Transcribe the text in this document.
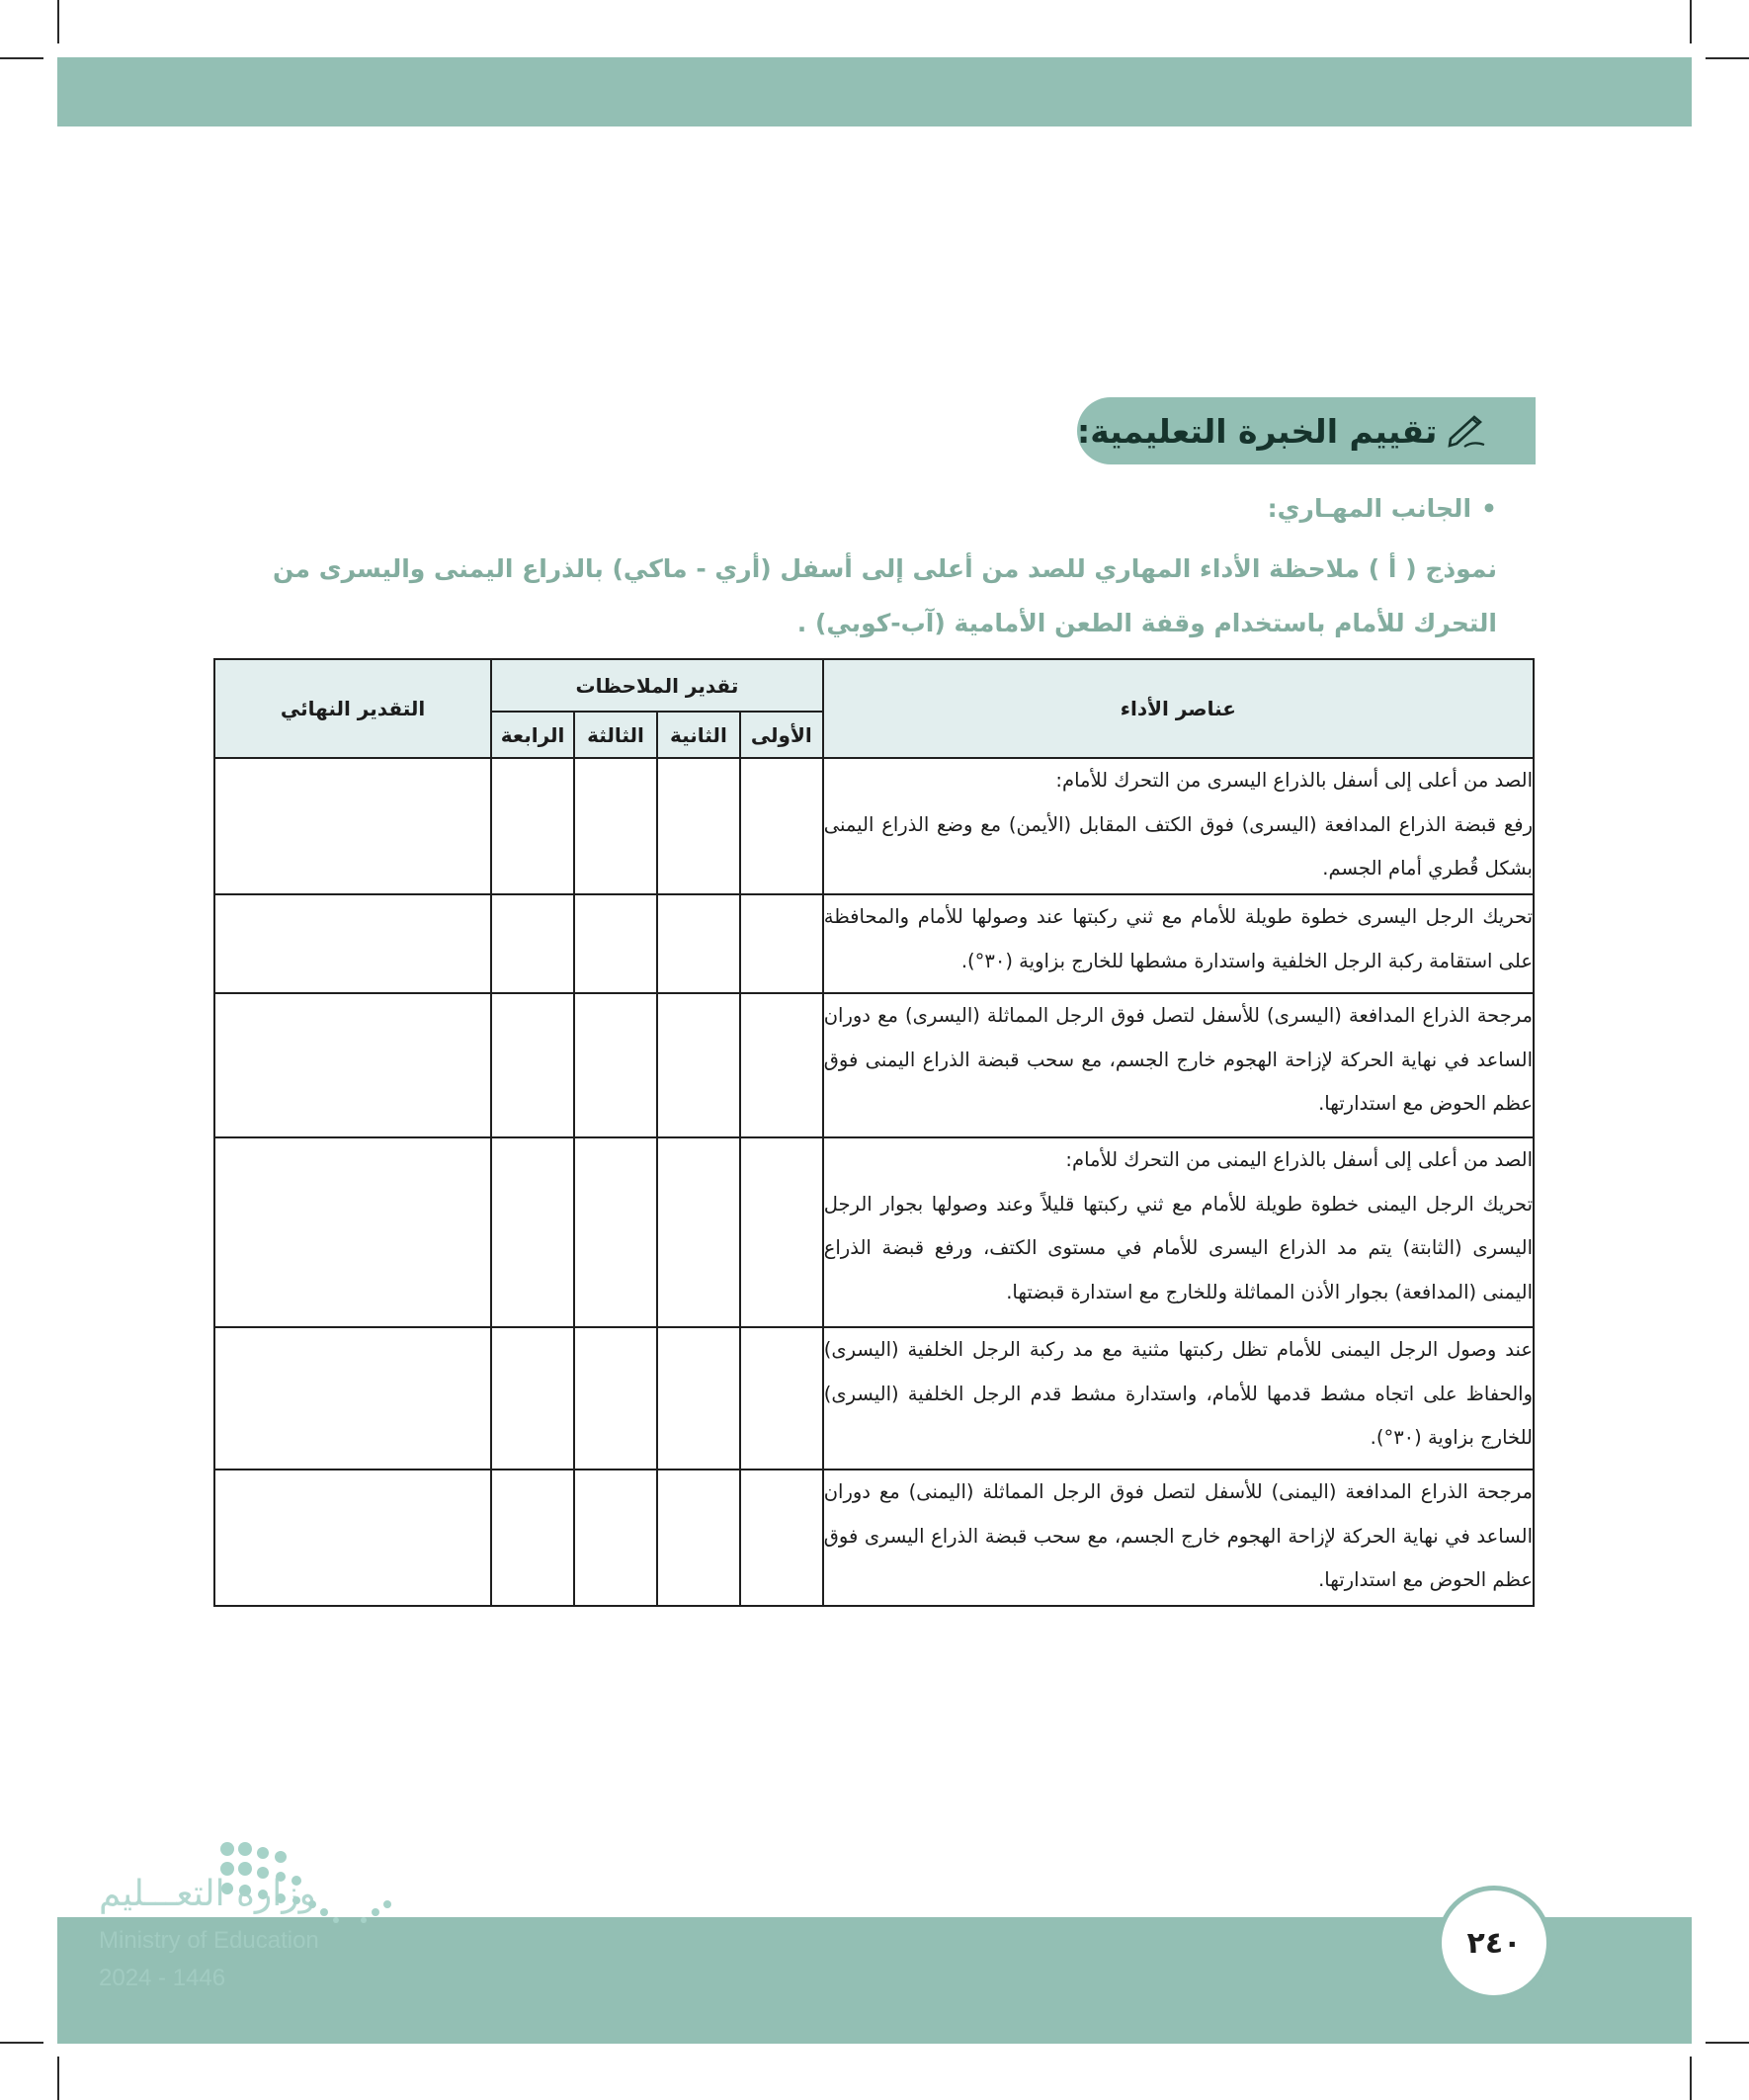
تقييم الخبرة التعليمية:
•الجانب المهـاري:
نموذج ( أ ) ملاحظة الأداء المهاري للصد من أعلى إلى أسفل (أري - ماكي) بالذراع اليمنى واليسرى من التحرك للأمام باستخدام وقفة الطعن الأمامية (آب-كوبي) .
عناصر الأداء	تقدير الملاحظات				التقدير النهائي
	الأولى	الثانية	الثالثة	الرابعة	

الصد من أعلى إلى أسفل بالذراع اليسرى من التحرك للأمام:
رفع قبضة الذراع المدافعة (اليسرى) فوق الكتف المقابل (الأيمن) مع وضع الذراع اليمنى بشكل قُطري أمام الجسم.					

تحريك الرجل اليسرى خطوة طويلة للأمام مع ثني ركبتها عند وصولها للأمام والمحافظة على استقامة ركبة الرجل الخلفية واستدارة مشطها للخارج بزاوية (٣٠°).					

مرجحة الذراع المدافعة (اليسرى) للأسفل لتصل فوق الرجل المماثلة (اليسرى) مع دوران الساعد في نهاية الحركة لإزاحة الهجوم خارج الجسم، مع سحب قبضة الذراع اليمنى فوق عظم الحوض مع استدارتها.					

الصد من أعلى إلى أسفل بالذراع اليمنى من التحرك للأمام:
تحريك الرجل اليمنى خطوة طويلة للأمام مع ثني ركبتها قليلاً وعند وصولها بجوار الرجل اليسرى (الثابتة) يتم مد الذراع اليسرى للأمام في مستوى الكتف، ورفع قبضة الذراع اليمنى (المدافعة) بجوار الأذن المماثلة وللخارج مع استدارة قبضتها.					

عند وصول الرجل اليمنى للأمام تظل ركبتها مثنية مع مد ركبة الرجل الخلفية (اليسرى) والحفاظ على اتجاه مشط قدمها للأمام، واستدارة مشط قدم الرجل الخلفية (اليسرى) للخارج بزاوية (٣٠°).					

مرجحة الذراع المدافعة (اليمنى) للأسفل لتصل فوق الرجل المماثلة (اليمنى) مع دوران الساعد في نهاية الحركة لإزاحة الهجوم خارج الجسم، مع سحب قبضة الذراع اليسرى فوق عظم الحوض مع استدارتها.					

وزارة التعـــليم
Ministry of Education
2024 - 1446
٢٤٠
